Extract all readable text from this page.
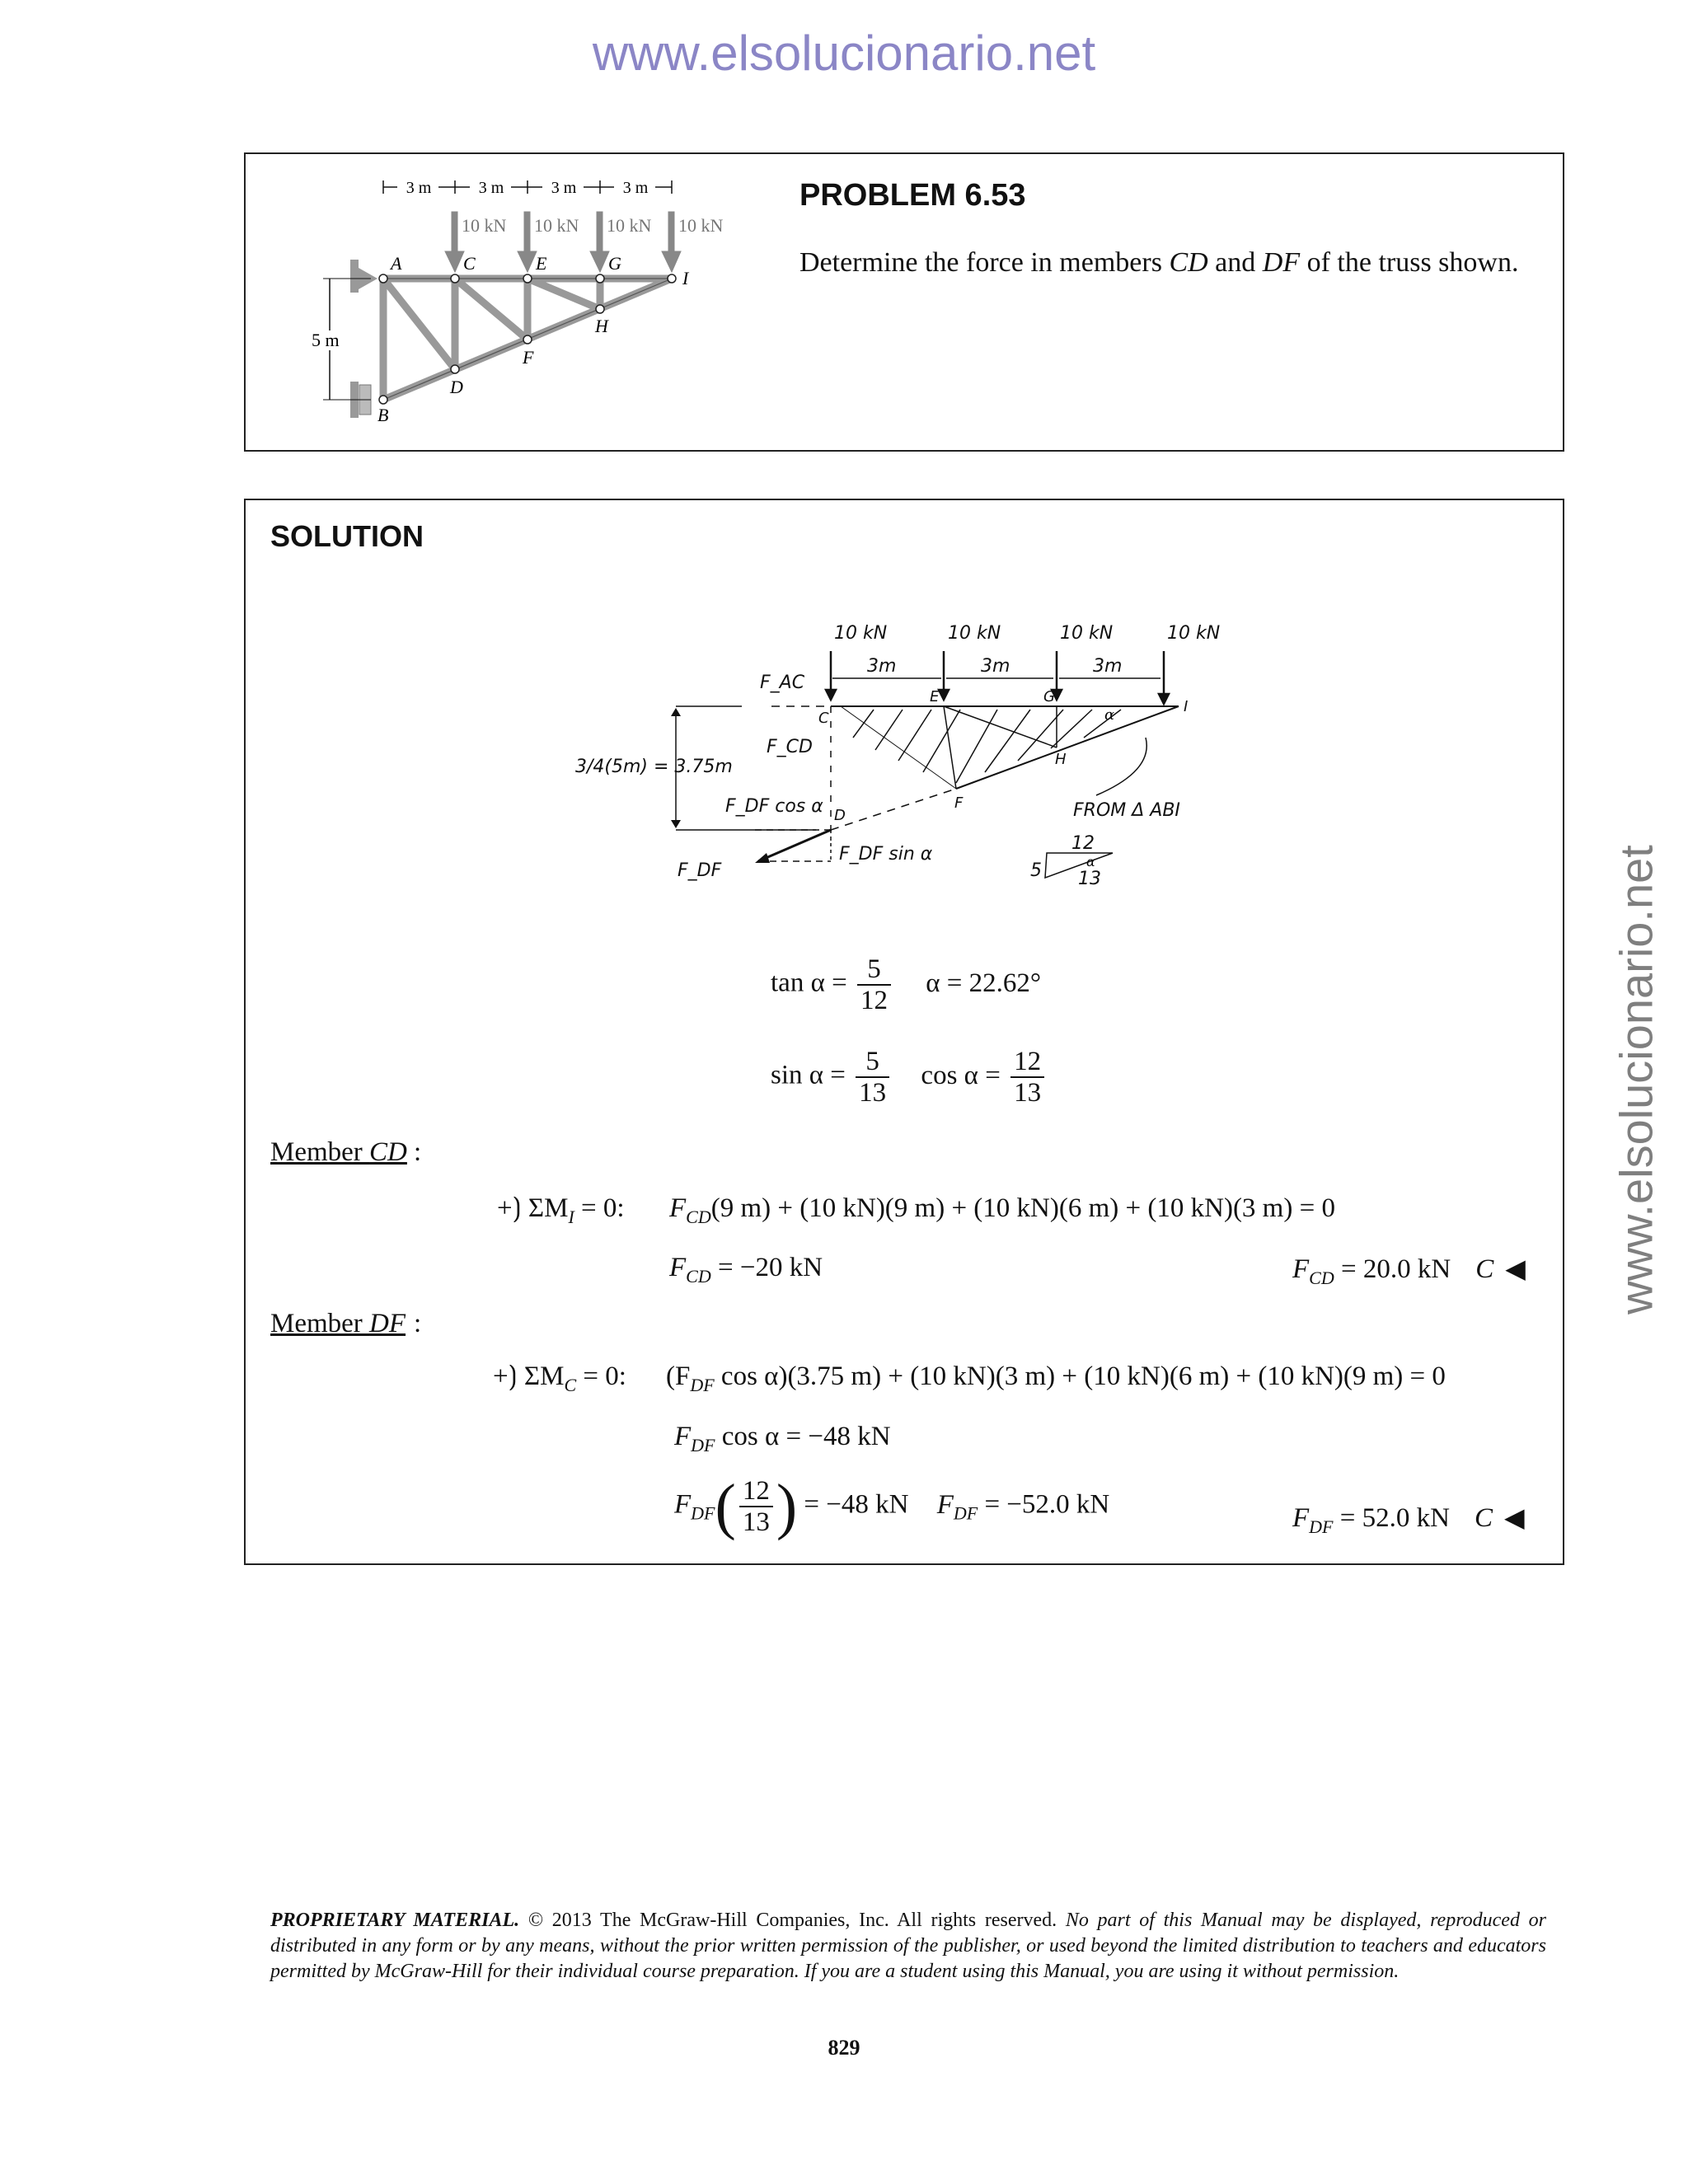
www.elsolucionario.net
www.elsolucionario.net
3 m	3 m	3 m	3 m
10 kN 10 kN 10 kN 10 kN
5 m
A
B
C
D
E
F
G
H
I
PROBLEM 6.53
Determine the force in members CD and DF of the truss shown.
SOLUTION
10 kN	10 kN	10 kN	10 kN
3m	3m	3m
3/4(5m) = 3.75m
F_AC
F_CD
F_DF cos α
F_DF sin α
F_DF
C
D
E
F
G
H
I
α
FROM Δ ABI
12
5 13
α
$\tan \alpha = \frac{5}{12}$ α = 22.62°
$\sin \alpha = \frac{5}{13}$ $\cos \alpha = \frac{12}{13}$
Member CD :
+⟯ $\Sigma M_I = 0$: $F_{CD}(9$ m) + (10 kN)(9 m) + (10 kN)(6 m) + (10 kN)(3 m) = 0
$F_{CD} = -20$ kN	$F_{CD} = 20.0$ kN C ◀
Member DF :
+⟯ $\Sigma M_C = 0$: ($F_{DF}$ cos α)(3.75 m) + (10 kN)(3 m) + (10 kN)(6 m) + (10 kN)(9 m) = 0
$F_{DF}$ cos α = −48 kN
$F_{DF}( \frac{12}{13}$ ) = −48 kN $F_{DF} = -52.0$ kN	$F_{DF} = 52.0$ kN C ◀
PROPRIETARY MATERIAL. © 2013 The McGraw-Hill Companies, Inc. All rights reserved. No part of this Manual may be displayed, reproduced or distributed in any form or by any means, without the prior written permission of the publisher, or used beyond the limited distribution to teachers and educators permitted by McGraw-Hill for their individual course preparation. If you are a student using this Manual, you are using it without permission.
829
